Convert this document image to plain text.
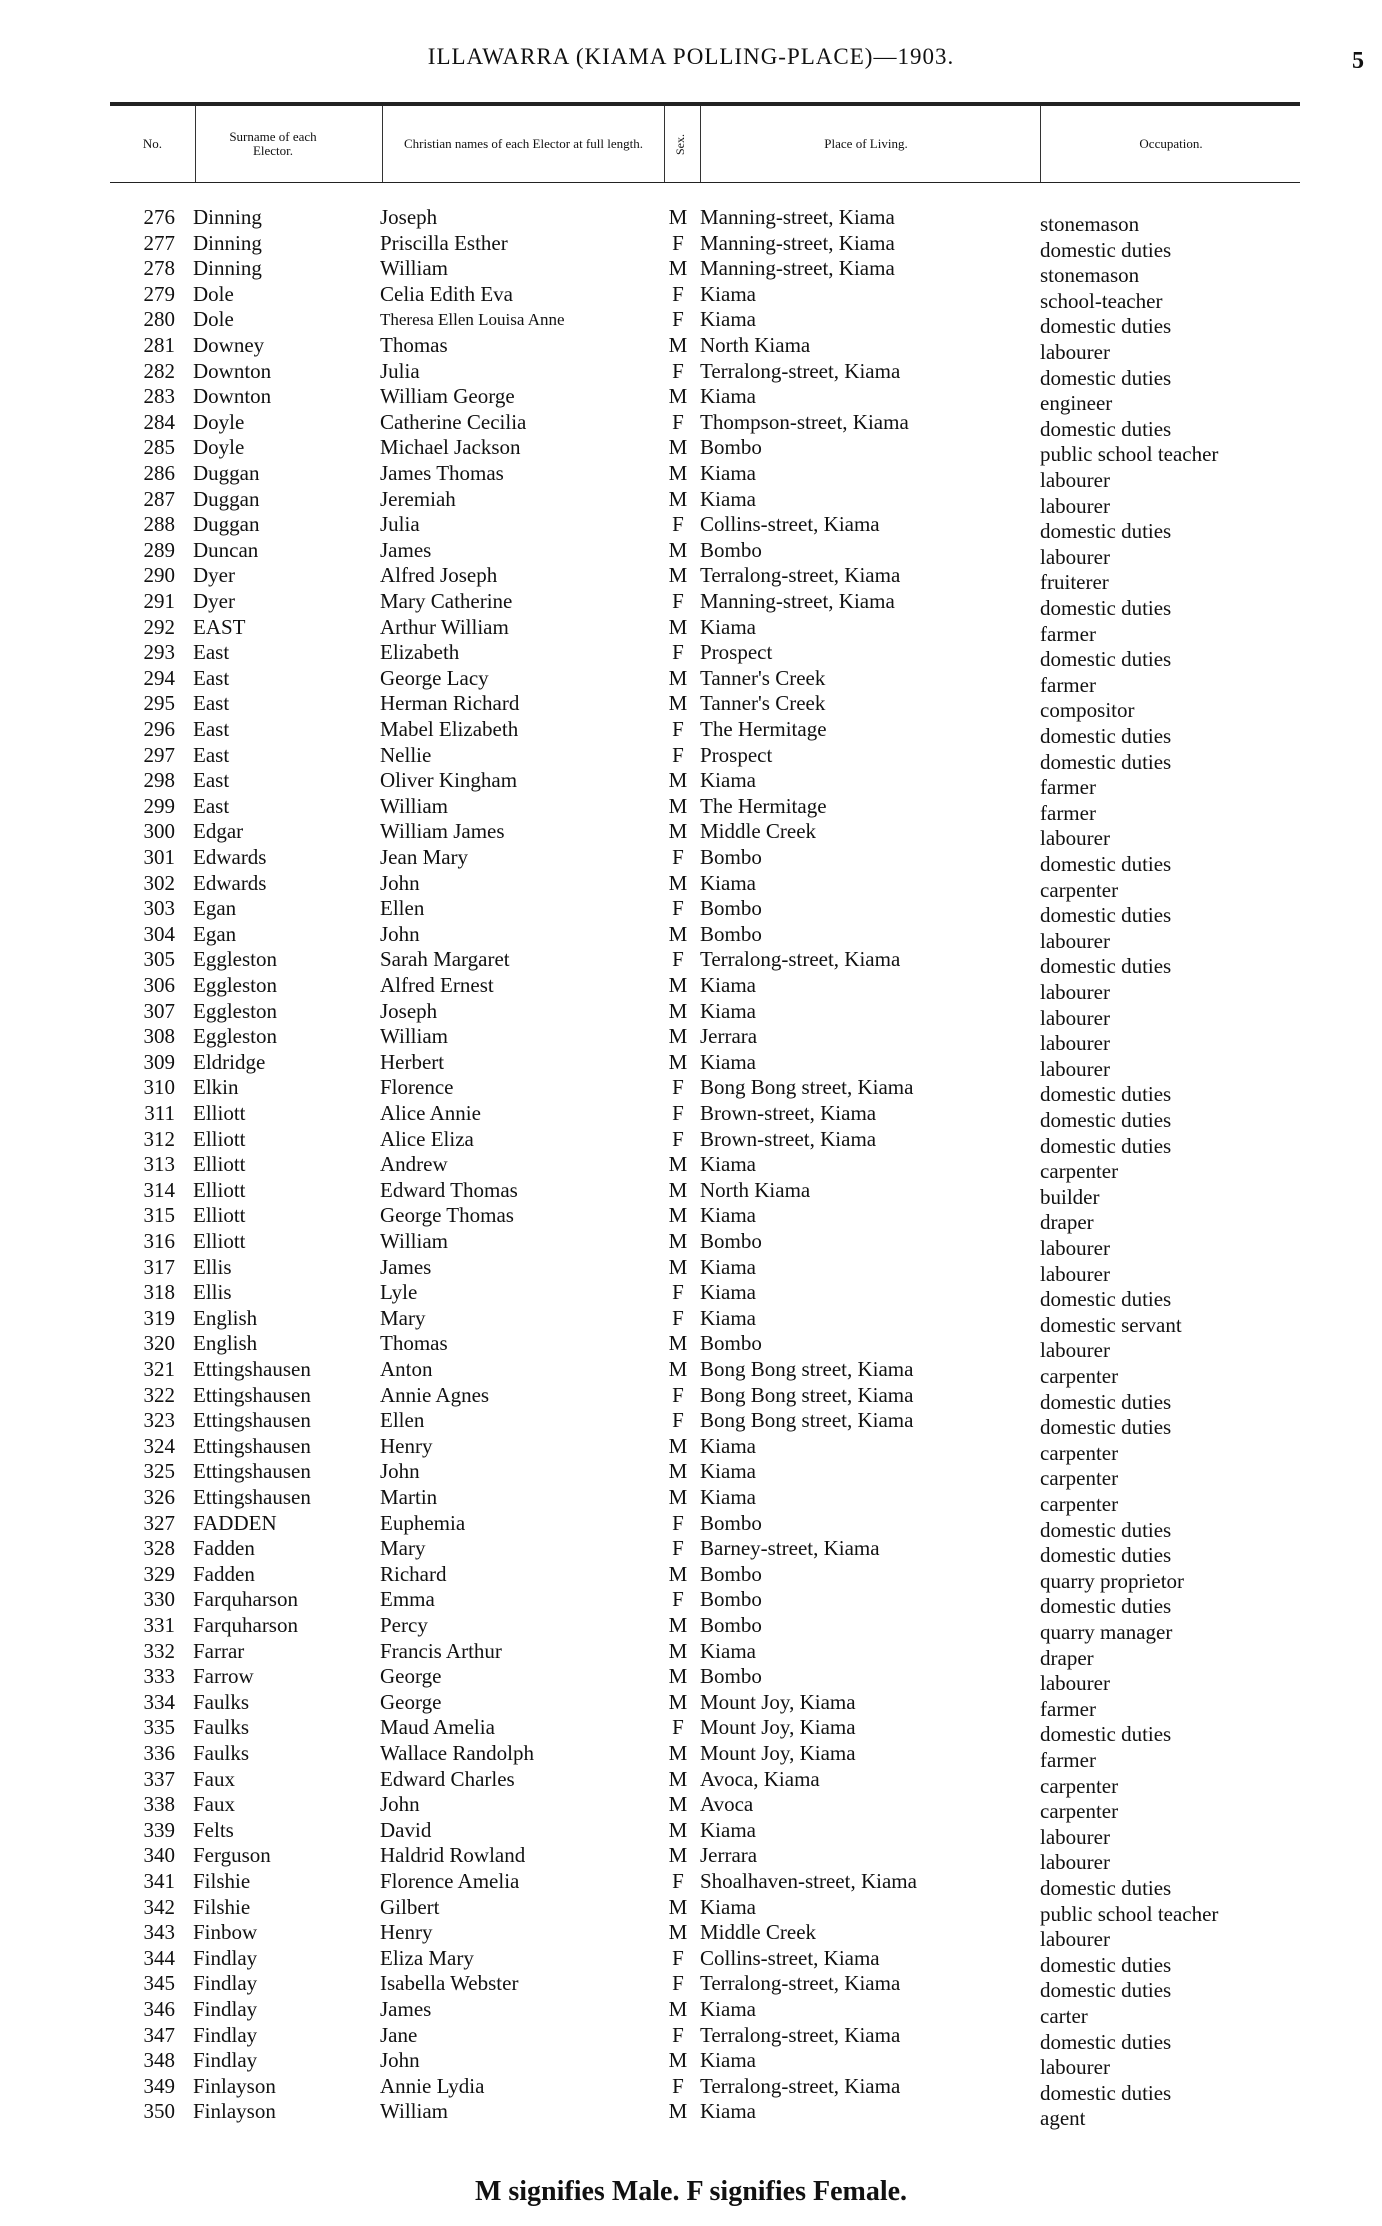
ILLAWARRA (KIAMA POLLING-PLACE)—1903.	5
No.	Surname of each Elector.	Christian names of each Elector at full length.	Sex.	Place of Living.	Occupation.
276 Dinning	Joseph	M Manning-street, Kiama	stonemason
277 Dinning	Priscilla Esther	F Manning-street, Kiama	domestic duties
278 Dinning	William	M Manning-street, Kiama	stonemason
279 Dole	Celia Edith Eva	F Kiama	school-teacher
280 Dole	Theresa Ellen Louisa Anne	F Kiama	domestic duties
281 Downey	Thomas	M North Kiama	labourer
282 Downton	Julia	F Terralong-street, Kiama	domestic duties
283 Downton	William George	M Kiama	engineer
284 Doyle	Catherine Cecilia	F Thompson-street, Kiama	domestic duties
285 Doyle	Michael Jackson	M Bombo	public school teacher
286 Duggan	James Thomas	M Kiama	labourer
287 Duggan	Jeremiah	M Kiama	labourer
288 Duggan	Julia	F Collins-street, Kiama	domestic duties
289 Duncan	James	M Bombo	labourer
290 Dyer	Alfred Joseph	M Terralong-street, Kiama	fruiterer
291 Dyer	Mary Catherine	F Manning-street, Kiama	domestic duties
292 EAST	Arthur William	M Kiama	farmer
293 East	Elizabeth	F Prospect	domestic duties
294 East	George Lacy	M Tanner's Creek	farmer
295 East	Herman Richard	M Tanner's Creek	compositor
296 East	Mabel Elizabeth	F The Hermitage	domestic duties
297 East	Nellie	F Prospect	domestic duties
298 East	Oliver Kingham	M Kiama	farmer
299 East	William	M The Hermitage	farmer
300 Edgar	William James	M Middle Creek	labourer
301 Edwards	Jean Mary	F Bombo	domestic duties
302 Edwards	John	M Kiama	carpenter
303 Egan	Ellen	F Bombo	domestic duties
304 Egan	John	M Bombo	labourer
305 Eggleston	Sarah Margaret	F Terralong-street, Kiama	domestic duties
306 Eggleston	Alfred Ernest	M Kiama	labourer
307 Eggleston	Joseph	M Kiama	labourer
308 Eggleston	William	M Jerrara	labourer
309 Eldridge	Herbert	M Kiama	labourer
310 Elkin	Florence	F Bong Bong street, Kiama	domestic duties
311 Elliott	Alice Annie	F Brown-street, Kiama	domestic duties
312 Elliott	Alice Eliza	F Brown-street, Kiama	domestic duties
313 Elliott	Andrew	M Kiama	carpenter
314 Elliott	Edward Thomas	M North Kiama	builder
315 Elliott	George Thomas	M Kiama	draper
316 Elliott	William	M Bombo	labourer
317 Ellis	James	M Kiama	labourer
318 Ellis	Lyle	F Kiama	domestic duties
319 English	Mary	F Kiama	domestic servant
320 English	Thomas	M Bombo	labourer
321 Ettingshausen	Anton	M Bong Bong street, Kiama	carpenter
322 Ettingshausen	Annie Agnes	F Bong Bong street, Kiama	domestic duties
323 Ettingshausen	Ellen	F Bong Bong street, Kiama	domestic duties
324 Ettingshausen	Henry	M Kiama	carpenter
325 Ettingshausen	John	M Kiama	carpenter
326 Ettingshausen	Martin	M Kiama	carpenter
327 FADDEN	Euphemia	F Bombo	domestic duties
328 Fadden	Mary	F Barney-street, Kiama	domestic duties
329 Fadden	Richard	M Bombo	quarry proprietor
330 Farquharson	Emma	F Bombo	domestic duties
331 Farquharson	Percy	M Bombo	quarry manager
332 Farrar	Francis Arthur	M Kiama	draper
333 Farrow	George	M Bombo	labourer
334 Faulks	George	M Mount Joy, Kiama	farmer
335 Faulks	Maud Amelia	F Mount Joy, Kiama	domestic duties
336 Faulks	Wallace Randolph	M Mount Joy, Kiama	farmer
337 Faux	Edward Charles	M Avoca, Kiama	carpenter
338 Faux	John	M Avoca	carpenter
339 Felts	David	M Kiama	labourer
340 Ferguson	Haldrid Rowland	M Jerrara	labourer
341 Filshie	Florence Amelia	F Shoalhaven-street, Kiama	domestic duties
342 Filshie	Gilbert	M Kiama	public school teacher
343 Finbow	Henry	M Middle Creek	labourer
344 Findlay	Eliza Mary	F Collins-street, Kiama	domestic duties
345 Findlay	Isabella Webster	F Terralong-street, Kiama	domestic duties
346 Findlay	James	M Kiama	carter
347 Findlay	Jane	F Terralong-street, Kiama	domestic duties
348 Findlay	John	M Kiama	labourer
349 Finlayson	Annie Lydia	F Terralong-street, Kiama	domestic duties
350 Finlayson	William	M Kiama	agent
M signifies Male. F signifies Female.
